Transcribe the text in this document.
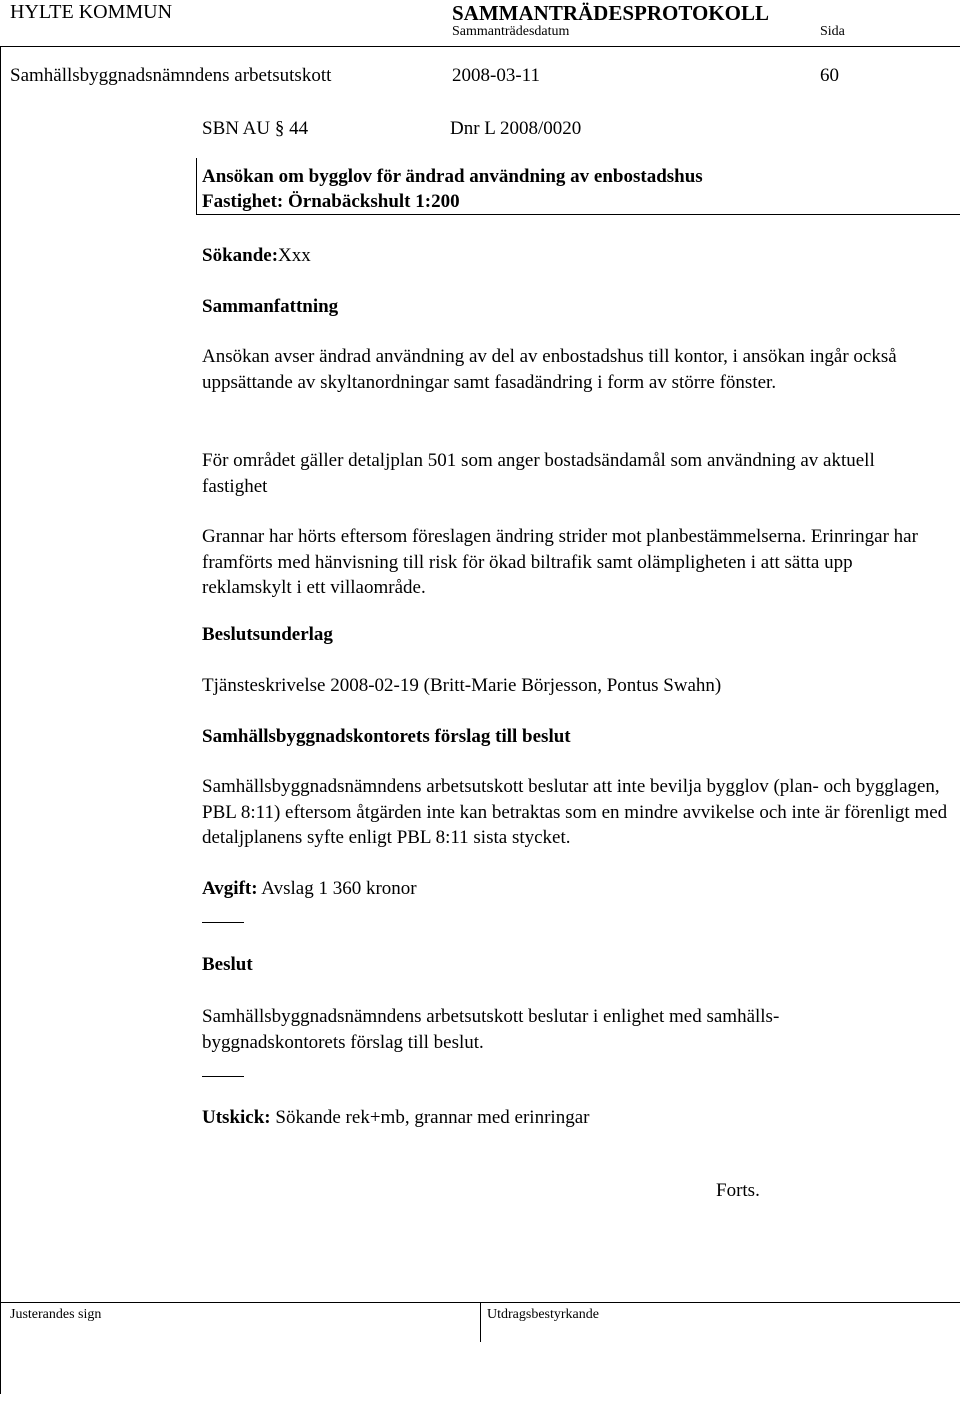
HYLTE KOMMUN	SAMMANTRÄDESPROTOKOLL
Sammanträdesdatum	Sida
Samhällsbyggnadsnämndens arbetsutskott	2008-03-11	60
SBN AU § 44	Dnr L 2008/0020
Ansökan om bygglov för ändrad användning av enbostadshus
Fastighet: Örnabäckshult 1:200
Sökande:Xxx
Sammanfattning
Ansökan avser ändrad användning av del av enbostadshus till kontor, i ansökan ingår också uppsättande av skyltanordningar samt fasadändring i form av större fönster.
För området gäller detaljplan 501 som anger bostadsändamål som användning av aktuell fastighet
Grannar har hörts eftersom föreslagen ändring strider mot planbestämmelserna. Erinringar har framförts med hänvisning till risk för ökad biltrafik samt olämpligheten i att sätta upp reklamskylt i ett villaområde.
Beslutsunderlag
Tjänsteskrivelse 2008-02-19 (Britt-Marie Börjesson, Pontus Swahn)
Samhällsbyggnadskontorets förslag till beslut
Samhällsbyggnadsnämndens arbetsutskott beslutar att inte bevilja bygglov (plan- och bygglagen, PBL 8:11) eftersom åtgärden inte kan betraktas som en mindre avvikelse och inte är förenligt med detaljplanens syfte enligt PBL 8:11 sista stycket.
Avgift: Avslag 1 360 kronor
Beslut
Samhällsbyggnadsnämndens arbetsutskott beslutar i enlighet med samhälls-byggnadskontorets förslag till beslut.
Utskick: Sökande rek+mb, grannar med erinringar
Forts.
Justerandes sign	Utdragsbestyrkande
